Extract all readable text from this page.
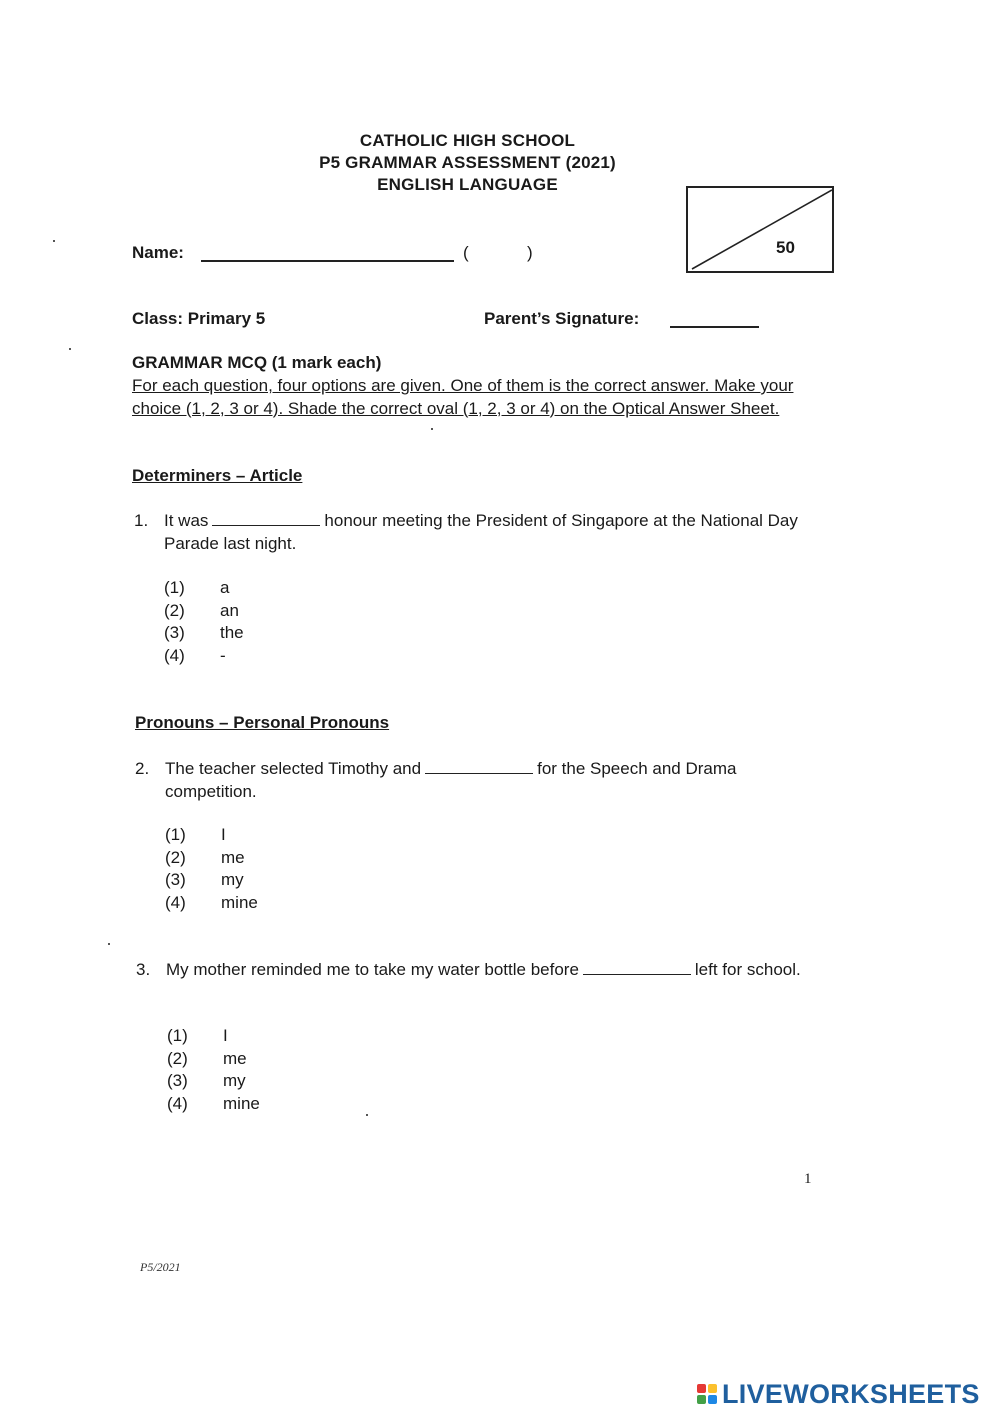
CATHOLIC HIGH SCHOOL
P5 GRAMMAR ASSESSMENT (2021)
ENGLISH LANGUAGE
50
Name:	(	)
Class: Primary 5	Parent’s Signature:
GRAMMAR MCQ (1 mark each)
For each question, four options are given. One of them is the correct answer. Make your choice (1, 2, 3 or 4). Shade the correct oval (1, 2, 3 or 4) on the Optical Answer Sheet.
Determiners – Article
1. It was	honour meeting the President of Singapore at the National Day Parade last night.
(1)	a
(2)	an
(3)	the
(4)	-
Pronouns – Personal Pronouns
2. The teacher selected Timothy and	for the Speech and Drama competition.
(1)	I
(2)	me
(3)	my
(4)	mine
3. My mother reminded me to take my water bottle before	left for school.
(1)	I
(2)	me
(3)	my
(4)	mine
1
P5/2021
LIVEWORKSHEETS
